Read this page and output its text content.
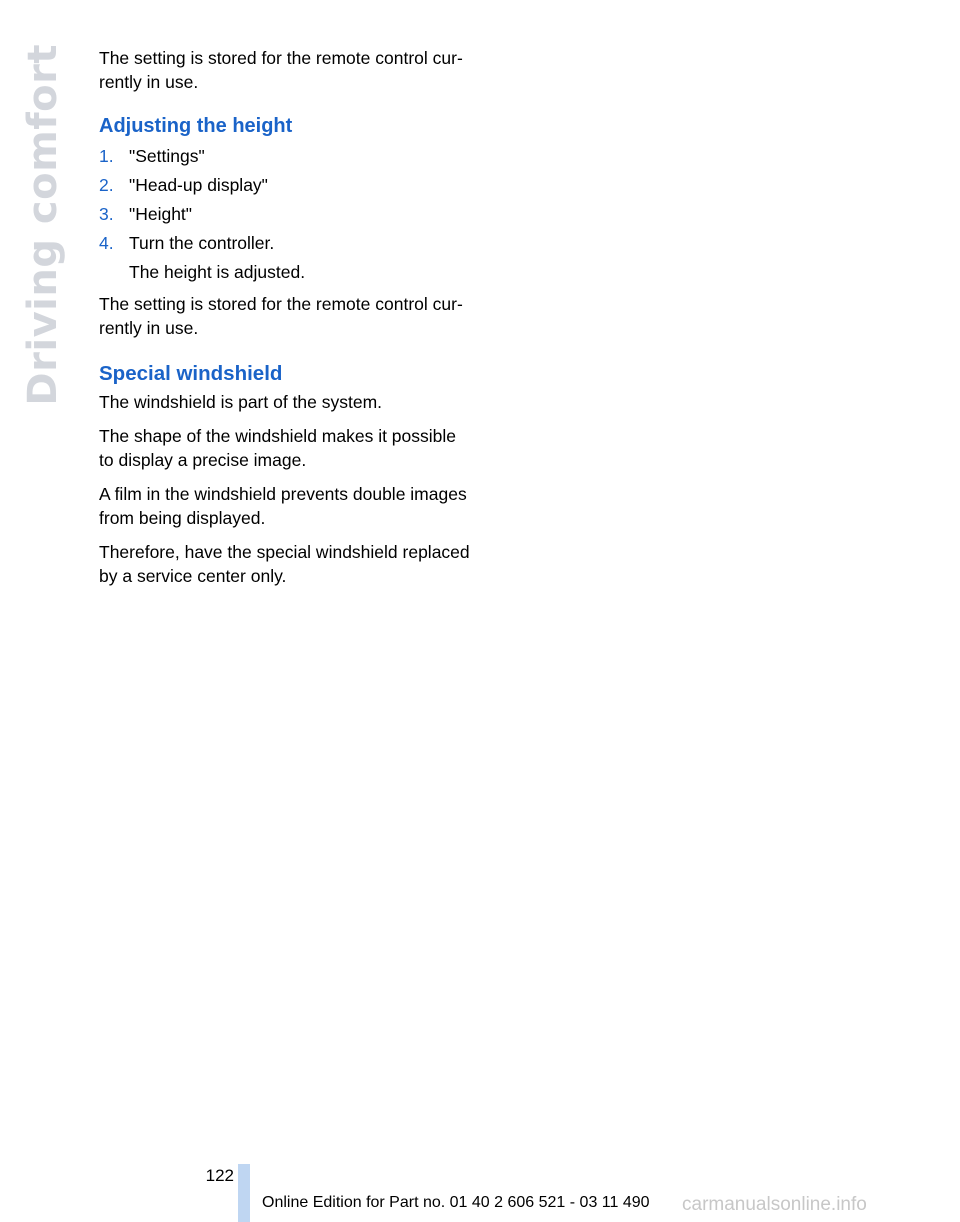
Driving comfort The setting is stored for the remote control cur-rently in use.

Adjusting the height
1. "Settings"
2. "Head-up display"
3. "Height"
4. Turn the controller.

The height is adjusted.

The setting is stored for the remote control cur-rently in use.

Special windshield

The windshield is part of the system.

The shape of the windshield makes it possible to display a precise image.

A film in the windshield prevents double images from being displayed.

Therefore, have the special windshield replaced by a service center only.

122
Online Edition for Part no. 01 40 2 606 521 - 03 11 490 carmanualsonline.info
